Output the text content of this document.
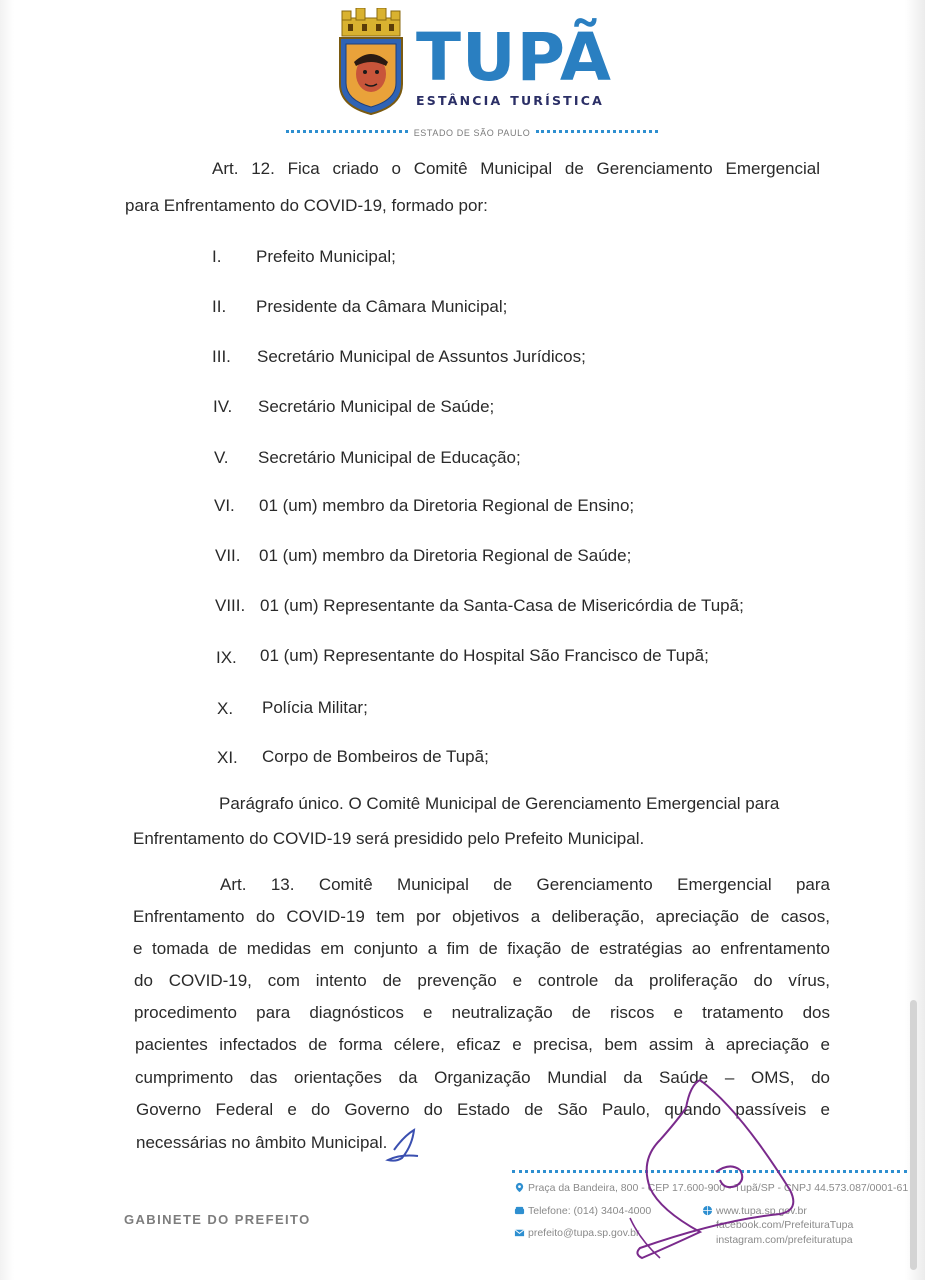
TUPÃ
ESTÂNCIA TURÍSTICA
ESTADO DE SÃO PAULO
Art. 12. Fica criado o Comitê Municipal de Gerenciamento Emergencial
para Enfrentamento do COVID-19, formado por:
I. Prefeito Municipal;
II. Presidente da Câmara Municipal;
III. Secretário Municipal de Assuntos Jurídicos;
IV. Secretário Municipal de Saúde;
V. Secretário Municipal de Educação;
VI. 01 (um) membro da Diretoria Regional de Ensino;
VII. 01 (um) membro da Diretoria Regional de Saúde;
VIII. 01 (um) Representante da Santa-Casa de Misericórdia de Tupã;
IX. 01 (um) Representante do Hospital São Francisco de Tupã;
X. Polícia Militar;
XI. Corpo de Bombeiros de Tupã;
Parágrafo único. O Comitê Municipal de Gerenciamento Emergencial para
Enfrentamento do COVID-19 será presidido pelo Prefeito Municipal.
Art. 13. Comitê Municipal de Gerenciamento Emergencial para
Enfrentamento do COVID-19 tem por objetivos a deliberação, apreciação de casos,
e tomada de medidas em conjunto a fim de fixação de estratégias ao enfrentamento
do COVID-19, com intento de prevenção e controle da proliferação do vírus,
procedimento para diagnósticos e neutralização de riscos e tratamento dos
pacientes infectados de forma célere, eficaz e precisa, bem assim à apreciação e
cumprimento das orientações da Organização Mundial da Saúde – OMS, do
Governo Federal e do Governo do Estado de São Paulo, quando passíveis e
necessárias no âmbito Municipal.
GABINETE DO PREFEITO
Praça da Bandeira, 800 - CEP 17.600-900 - Tupã/SP - CNPJ 44.573.087/0001-61
Telefone: (014) 3404-4000
prefeito@tupa.sp.gov.br
www.tupa.sp.gov.br
facebook.com/PrefeituraTupa
instagram.com/prefeituratupa
